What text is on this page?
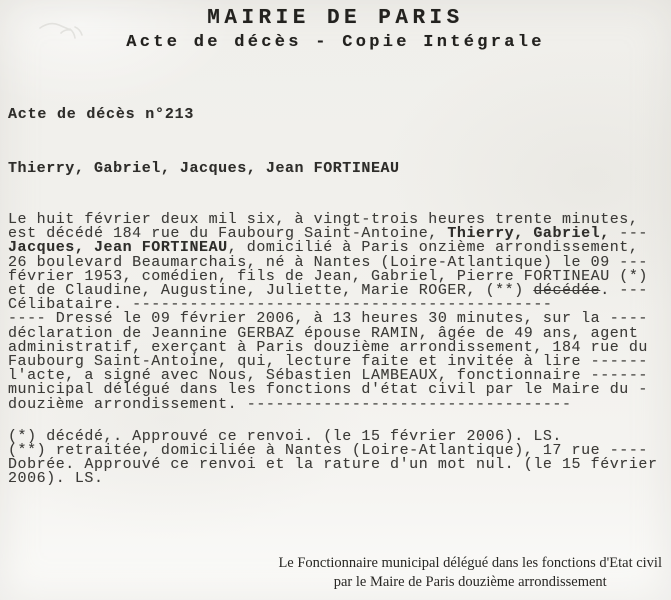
MAIRIE DE PARIS
Acte de décès - Copie Intégrale
Acte de décès n°213
Thierry, Gabriel, Jacques, Jean FORTINEAU
Le huit février deux mil six, à vingt-trois heures trente minutes,
est décédé 184 rue du Faubourg Saint-Antoine, Thierry, Gabriel, ---
Jacques, Jean FORTINEAU, domicilié à Paris onzième arrondissement,
26 boulevard Beaumarchais, né à Nantes (Loire-Atlantique) le 09 ---
février 1953, comédien, fils de Jean, Gabriel, Pierre FORTINEAU (*)
et de Claudine, Augustine, Juliette, Marie ROGER, (**) décédée. ---
Célibataire. --------------------------------------------
---- Dressé le 09 février 2006, à 13 heures 30 minutes, sur la ----
déclaration de Jeannine GERBAZ épouse RAMIN, âgée de 49 ans, agent
administratif, exerçant à Paris douzième arrondissement, 184 rue du
Faubourg Saint-Antoine, qui, lecture faite et invitée à lire ------
l'acte, a signé avec Nous, Sébastien LAMBEAUX, fonctionnaire ------
municipal délégué dans les fonctions d'état civil par le Maire du -
douzième arrondissement. ----------------------------------
(*) décédé,. Approuvé ce renvoi. (le 15 février 2006). LS.
(**) retraitée, domiciliée à Nantes (Loire-Atlantique), 17 rue ----
Dobrée. Approuvé ce renvoi et la rature d'un mot nul. (le 15 février
2006). LS.
Le Fonctionnaire municipal délégué dans les fonctions d'Etat civil
par le Maire de Paris douzième arrondissement
